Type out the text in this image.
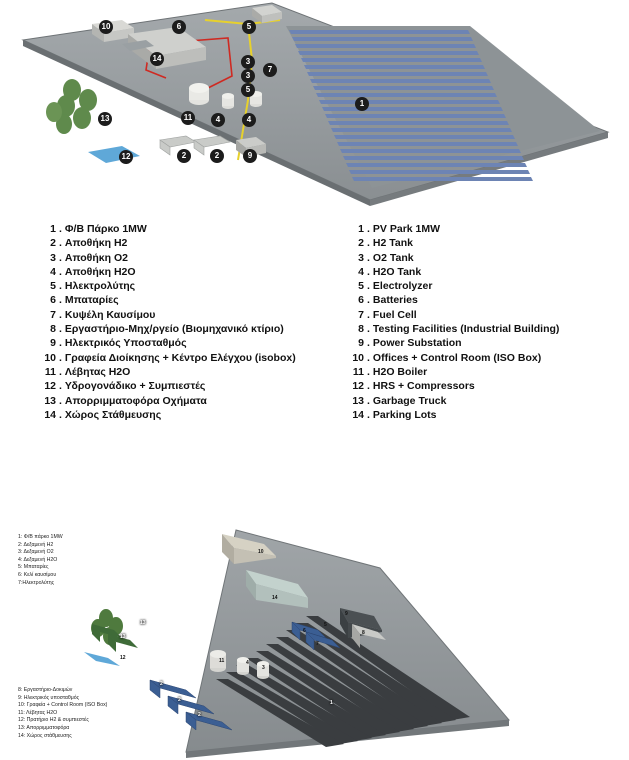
10	6	5
14	3
7
3
5
1
11	4	4
13
12	2	2	9
1 . Φ/Β Πάρκο 1MW
2 . Αποθήκη Η2
3 . Αποθήκη Ο2
4 . Αποθήκη H2O
5 . Ηλεκτρολύτης
6 . Μπαταρίες
7 . Κυψέλη Καυσίμου
8 . Εργαστήριο-Μηχ/ργείο (Βιομηχανικό κτίριο)
9 . Ηλεκτρικός Υποσταθμός
10 . Γραφεία Διοίκησης + Κέντρο Ελέγχου (isobox)
11 . Λέβητας H2O
12 . Υδρογονάδικο + Συμπιεστές
13 . Απορριμματοφόρα Οχήματα
14 . Χώρος Στάθμευσης
1 . PV Park 1MW
2 . H2 Tank
3 . O2 Tank
4 . H2O Tank
5 . Electrolyzer
6 . Batteries
7 . Fuel Cell
8 . Testing Facilities (Industrial Building)
9 . Power Substation
10 . Offices + Control Room (ISO Box)
11 . H2O Boiler
12 . HRS + Compressors
13 . Garbage Truck
14 . Parking Lots
10
14
13
13
9
6
5
8
7
12	11	4
3
2
2
2
1
1: Φ/Β πάρκο 1MW
2: Δεξαμενή Η2
3: Δεξαμενή Ο2
4: Δεξαμενή H2O
5: Μπαταρίες
6: Κελί καυσίμου
7:Ηλεκτρολύτης
8: Εργαστήριο-Δοκιμών
9: Ηλεκτρικός υποσταθμός
10: Γραφεία + Control Room (ISO Box)
11: Λέβητας H2O
12: Πρατήριο Η2 & συμπιεστές
13: Απορριμματοφόρα
14: Χώρος στάθμευσης
